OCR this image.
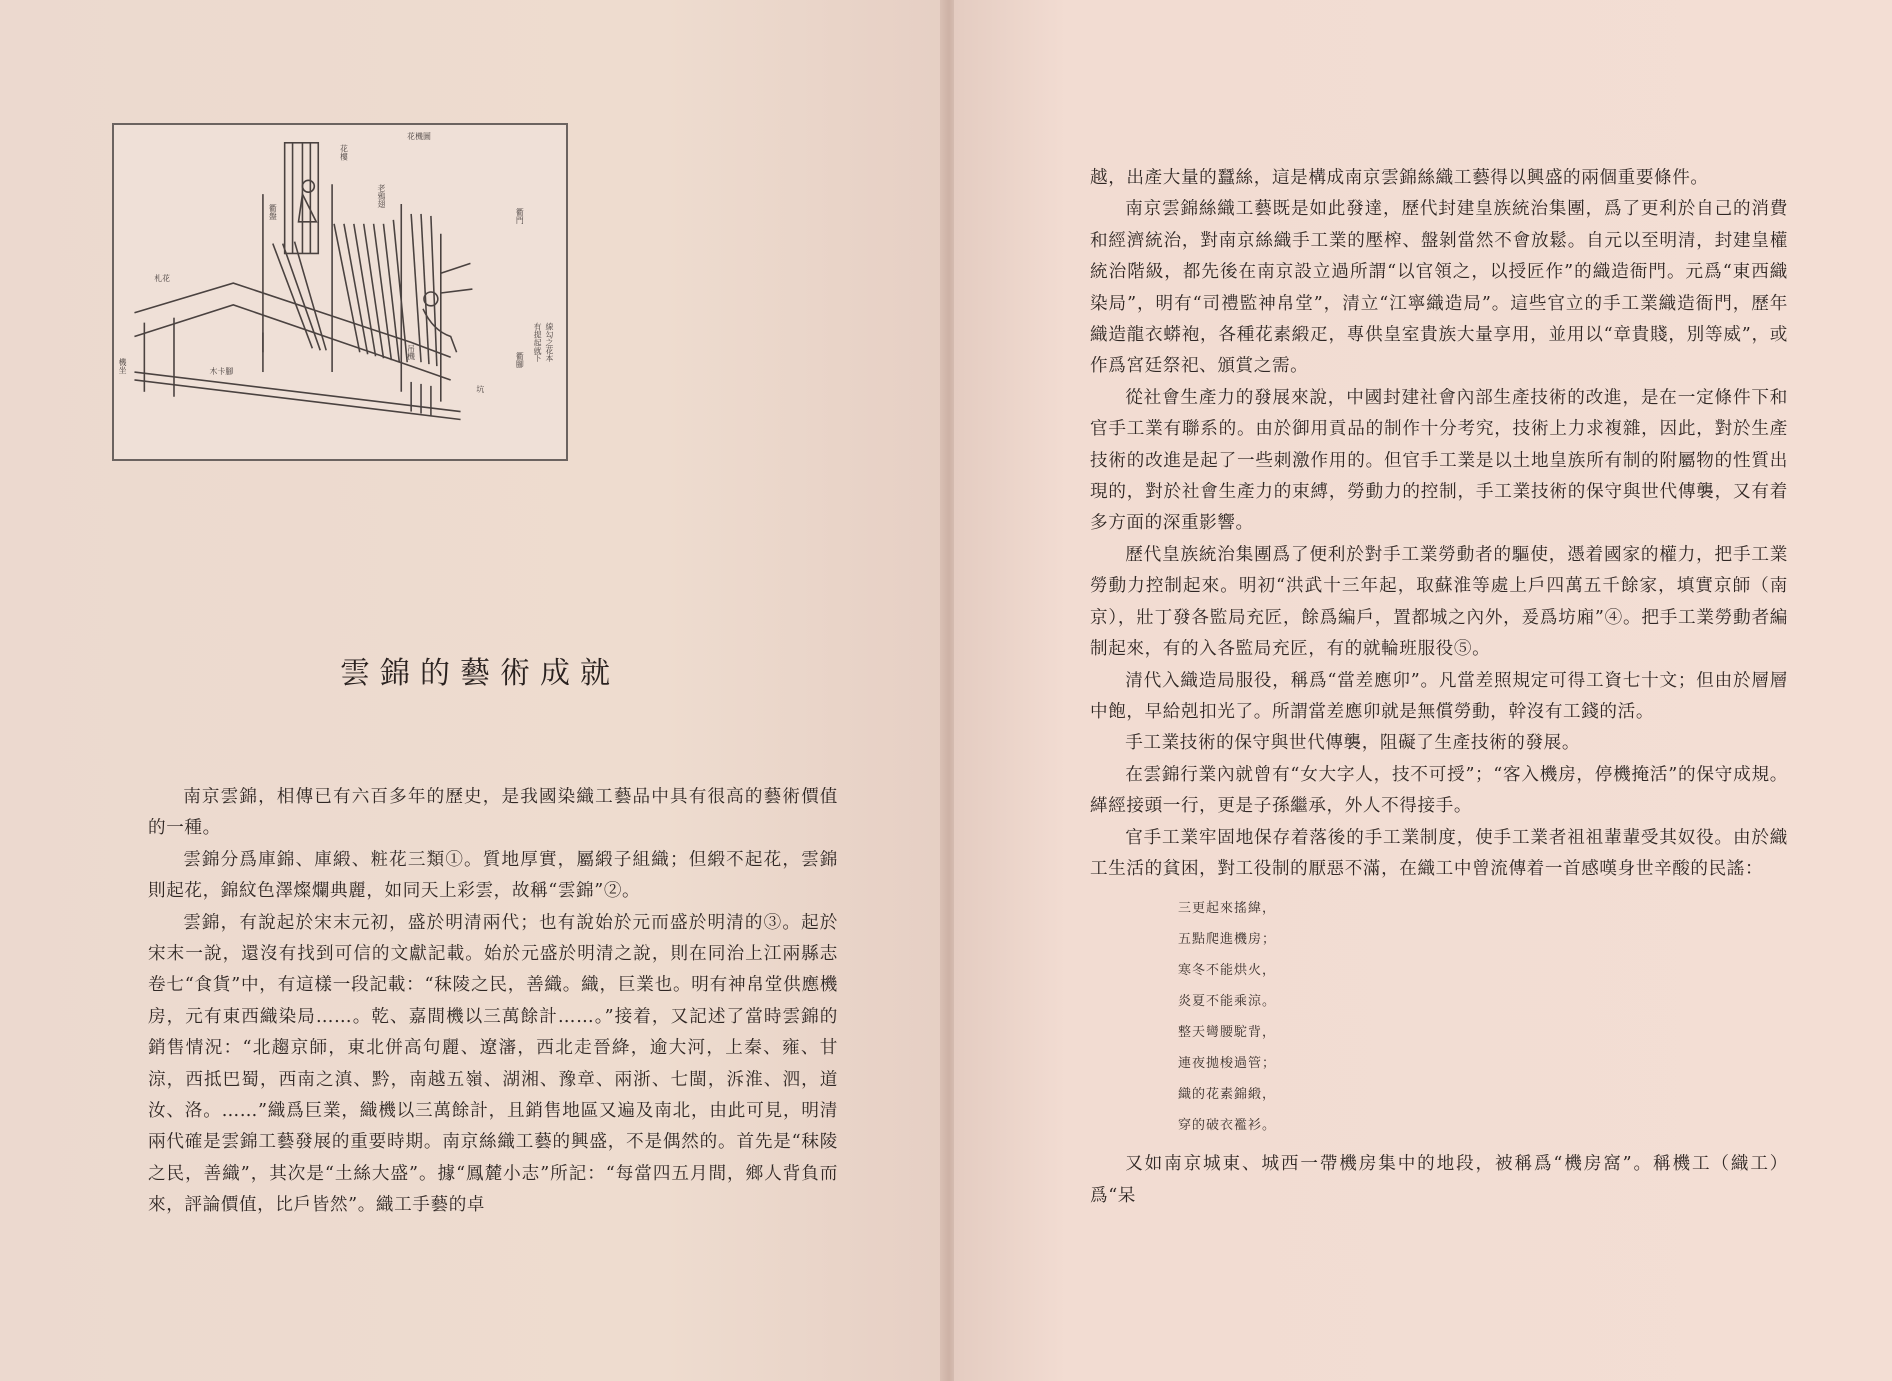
花機圖
花樓
衢盤
老鴉翅
衢門
札花
機坐	木卡腳
坑
吊機	衢腳 有提起就下 線勾之花本
雲錦的藝術成就

南京雲錦，相傳已有六百多年的歷史，是我國染織工藝品中具有很高的藝術價值的一種。

雲錦分爲庫錦、庫緞、粧花三類①。質地厚實，屬緞子組織；但緞不起花，雲錦則起花，錦紋色澤燦爛典麗，如同天上彩雲，故稱“雲錦”②。

雲錦，有說起於宋末元初，盛於明清兩代；也有說始於元而盛於明清的③。起於宋末一說，還沒有找到可信的文獻記載。始於元盛於明清之說，則在同治上江兩縣志卷七“食貨”中，有這樣一段記載：“秣陵之民，善織。織，巨業也。明有神帛堂供應機房，元有東西織染局……。乾、嘉間機以三萬餘計……。”接着，又記述了當時雲錦的銷售情況：“北趨京師，東北併高句麗、遼瀋，西北走晉絳，逾大河，上秦、雍、甘涼，西抵巴蜀，西南之滇、黔，南越五嶺、湖湘、豫章、兩浙、七閩，泝淮、泗，道汝、洛。……”織爲巨業，織機以三萬餘計，且銷售地區又遍及南北，由此可見，明清兩代確是雲錦工藝發展的重要時期。南京絲織工藝的興盛，不是偶然的。首先是“秣陵之民，善織”，其次是“土絲大盛”。據“鳳麓小志”所記：“每當四五月間，鄉人背負而來，評論價值，比戶皆然”。織工手藝的卓

越，出產大量的蠶絲，這是構成南京雲錦絲織工藝得以興盛的兩個重要條件。

南京雲錦絲織工藝既是如此發達，歷代封建皇族統治集團，爲了更利於自己的消費和經濟統治，對南京絲織手工業的壓榨、盤剝當然不會放鬆。自元以至明清，封建皇權統治階級，都先後在南京設立過所謂“以官領之，以授匠作”的織造衙門。元爲“東西織染局”，明有“司禮監神帛堂”，清立“江寧織造局”。這些官立的手工業織造衙門，歷年織造龍衣蟒袍，各種花素緞疋，專供皇室貴族大量享用，並用以“章貴賤，別等威”，或作爲宮廷祭祀、頒賞之需。

從社會生產力的發展來說，中國封建社會內部生產技術的改進，是在一定條件下和官手工業有聯系的。由於御用貢品的制作十分考究，技術上力求複雜，因此，對於生產技術的改進是起了一些刺激作用的。但官手工業是以土地皇族所有制的附屬物的性質出現的，對於社會生產力的束縛，勞動力的控制，手工業技術的保守與世代傳襲，又有着多方面的深重影響。

歷代皇族統治集團爲了便利於對手工業勞動者的驅使，憑着國家的權力，把手工業勞動力控制起來。明初“洪武十三年起，取蘇淮等處上戶四萬五千餘家，填實京師（南京），壯丁發各監局充匠，餘爲編戶，置都城之內外，爰爲坊廂”④。把手工業勞動者編制起來，有的入各監局充匠，有的就輪班服役⑤。

清代入織造局服役，稱爲“當差應卯”。凡當差照規定可得工資七十文；但由於層層中飽，早給剋扣光了。所謂當差應卯就是無償勞動，幹沒有工錢的活。

手工業技術的保守與世代傳襲，阻礙了生產技術的發展。

在雲錦行業內就曾有“女大字人，技不可授”；“客入機房，停機掩活”的保守成規。緙經接頭一行，更是子孫繼承，外人不得接手。

官手工業牢固地保存着落後的手工業制度，使手工業者祖祖輩輩受其奴役。由於織工生活的貧困，對工役制的厭惡不滿，在織工中曾流傳着一首感嘆身世辛酸的民謠：

三更起來搖緯，
五點爬進機房；
寒冬不能烘火，
炎夏不能乘涼。
整天彎腰駝背，
連夜拋梭過管；
織的花素錦緞，
穿的破衣襤衫。

又如南京城東、城西一帶機房集中的地段，被稱爲“機房窩”。稱機工（織工）爲“呆
